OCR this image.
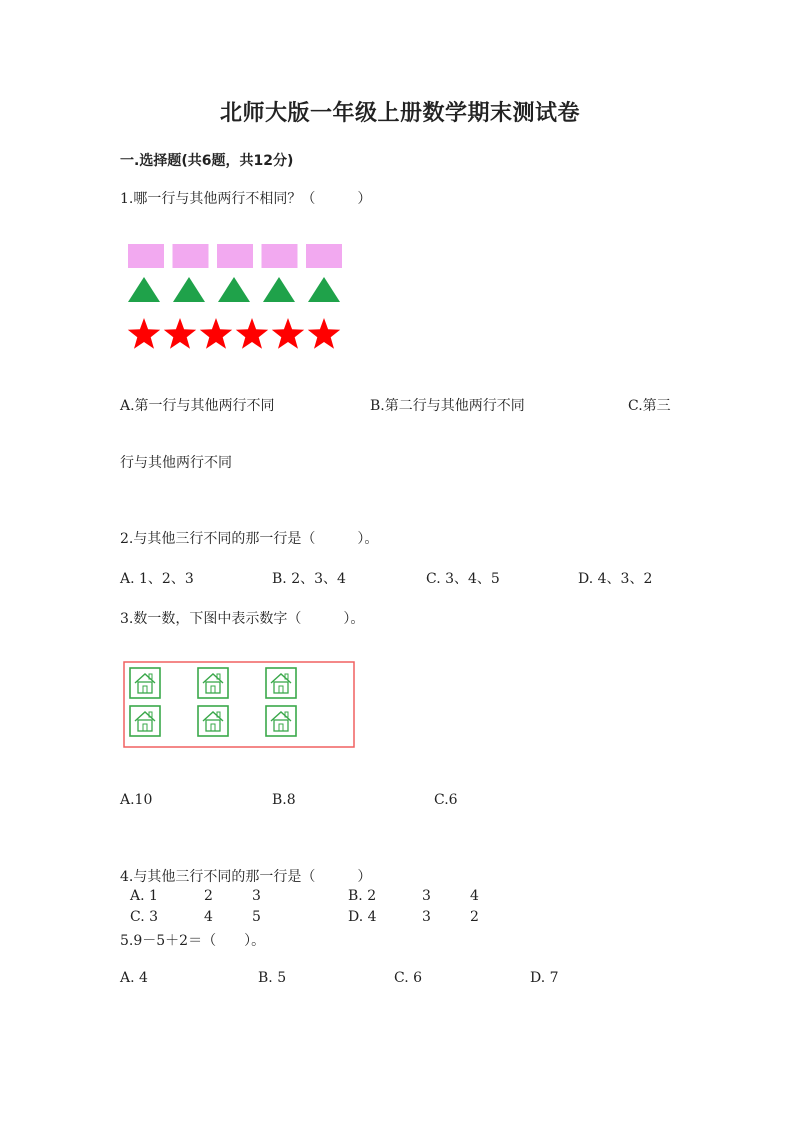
北师大版一年级上册数学期末测试卷
一.选择题(共6题，共12分)
1.哪一行与其他两行不相同？（　　　）
A.第一行与其他两行不同	B.第二行与其他两行不同	C.第三
行与其他两行不同
2.与其他三行不同的那一行是（　　　）。
A. 1、2、3	B. 2、3、4	C. 3、4、5	D. 4、3、2
3.数一数，下图中表示数字（　　　）。
A.10	B.8	C.6
4.与其他三行不同的那一行是（　　　）
A. 1	2	3	B. 2	3	4
C. 3	4	5	D. 4	3	2
5.9－5＋2＝（　　）。
A. 4	B. 5	C. 6	D. 7
